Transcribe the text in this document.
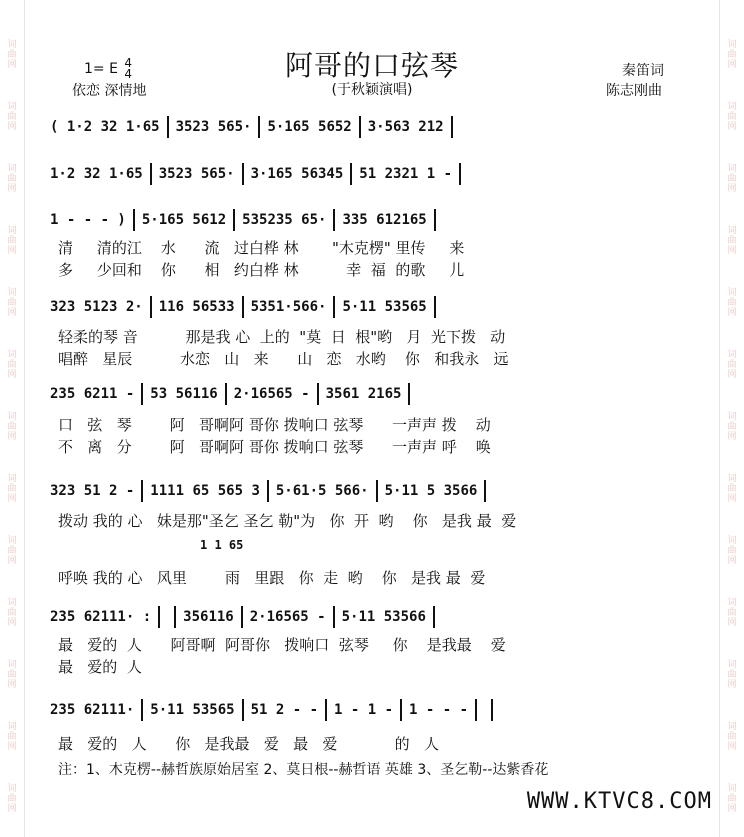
词曲网
词曲网
词曲网
词曲网
词曲网
词曲网
词曲网
词曲网
词曲网
词曲网
词曲网
词曲网
词曲网
词曲网
词曲网
词曲网
词曲网
词曲网
词曲网
词曲网
词曲网
词曲网
词曲网
词曲网
词曲网
词曲网
1= E 4
4
依恋 深情地
阿哥的口弦琴
(于秋颖演唱)
秦笛词
陈志刚曲
( 1·2 32 1·653523 565·5·165 56523·563 212
1·2 32 1·653523 565·3·165 5634551 2321 1 -
1 - - - )5·165 5612535235 65·335 612165
323 5123 2·116 565335351·566·5·11 53565
235 6211 -53 561162·16565 -3561 2165
323 51 2 -1111 65 565 35·61·5 566·5·11 5 3566
235 62111· :3561162·16565 -5·11 53566
235 62111·5·11 5356551 2 - -1 - 1 -1 - - -
清     清的江    水      流   过白桦 林       "木克楞" 里传     来
多     少回和    你      相   约白桦 林          幸  福  的歌     儿
轻柔的琴 音          那是我 心  上的  "莫  日  根"哟   月  光下拨   动
唱醉   星辰          水恋   山   来      山   恋   水哟    你   和我永   远
口   弦   琴        阿   哥啊阿 哥你 拨响口 弦琴      一声声 拨    动
不   离   分        阿   哥啊阿 哥你 拨响口 弦琴      一声声 呼    唤
拨动 我的 心   妹是那"圣乞 圣乞 勒"为   你  开  哟    你   是我 最  爱
呼唤 我的 心   风里        雨   里跟   你  走  哟    你   是我 最  爱
最   爱的  人      阿哥啊  阿哥你   拨响口  弦琴     你    是我最    爱
最   爱的  人
最   爱的   人      你   是我最   爱   最   爱            的   人
1 1 65
注：1、木克楞--赫哲族原始居室 2、莫日根--赫哲语 英雄 3、圣乞勒--达紫香花
WWW.KTVC8.COM
